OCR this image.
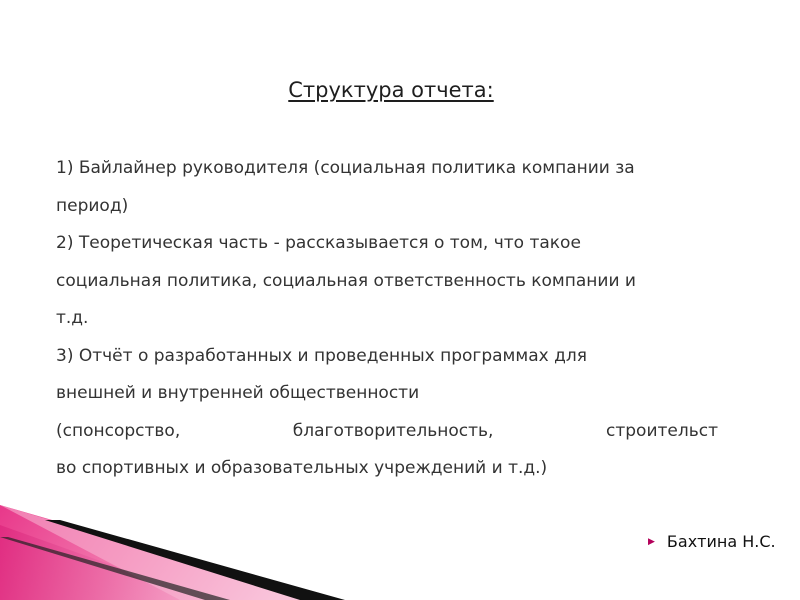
Структура отчета:
1) Байлайнер руководителя (социальная политика компании за
период)
2) Теоретическая часть - рассказывается о том, что такое
социальная политика, социальная ответственность компании и
т.д.
3) Отчёт о разработанных и проведенных программах для
внешней и внутренней общественности
(спонсорство,	благотворительность,	строительст
во спортивных и образовательных учреждений и т.д.)
▶ Бахтина Н.С.
